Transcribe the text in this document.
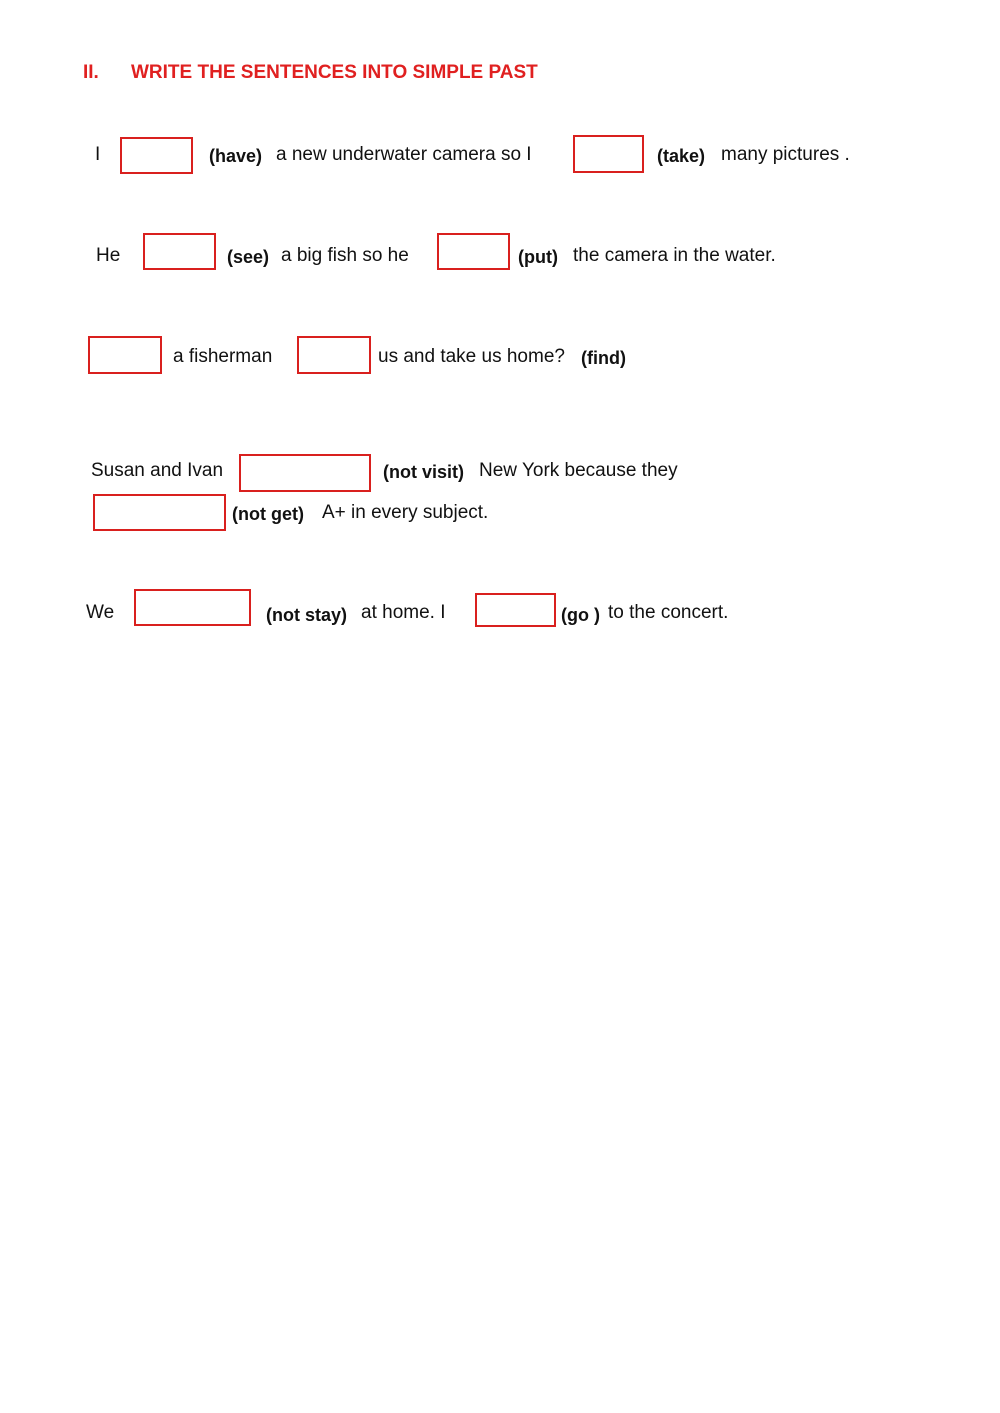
II. WRITE THE SENTENCES INTO SIMPLE PAST
I	(have) a new underwater camera so I	(take) many pictures .
He	(see) a big fish so he	(put) the camera in the water.
a fisherman	us and take us home? (find)
Susan and Ivan	(not visit) New York because they
(not get) A+ in every subject.
We	(not stay) at home. I	(go ) to the concert.
